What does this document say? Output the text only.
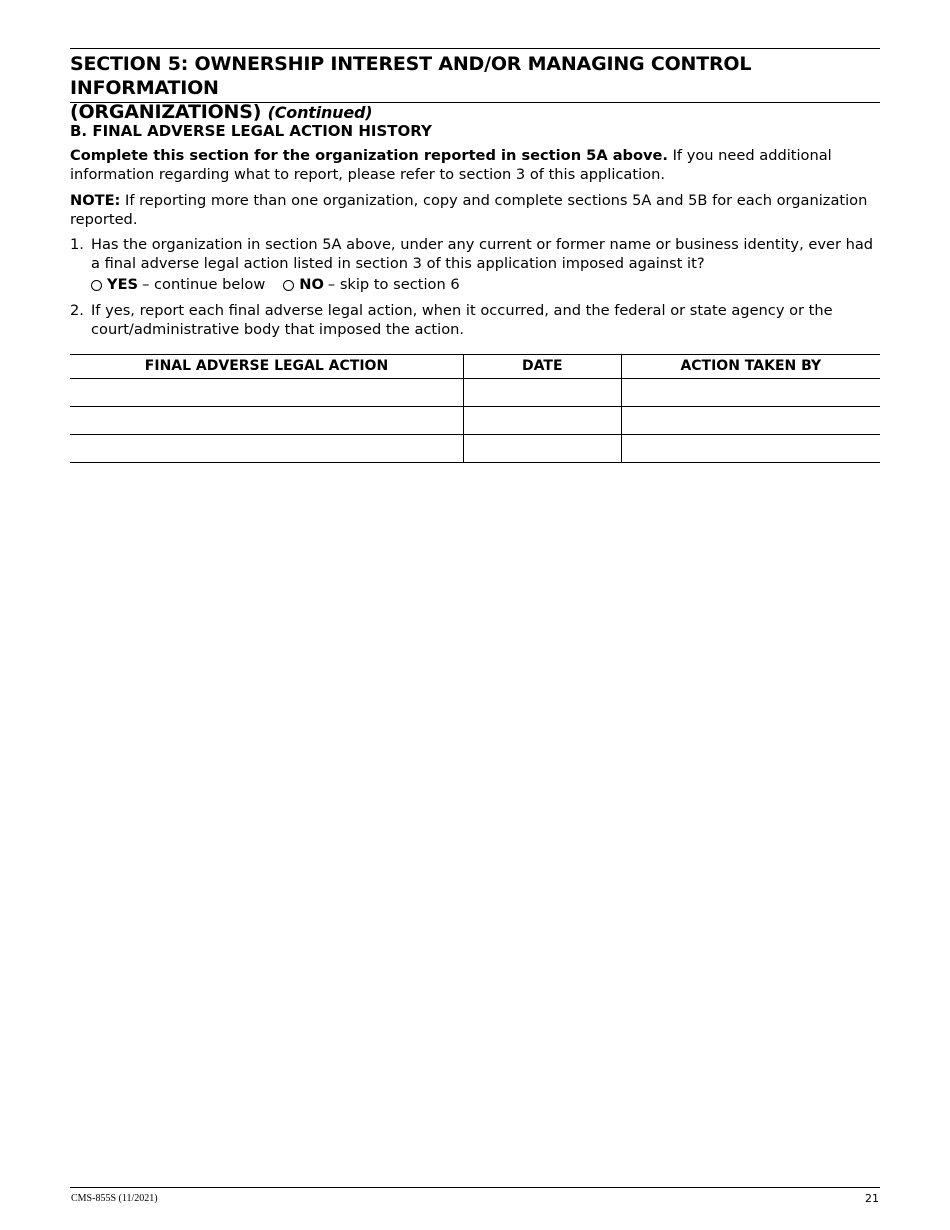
SECTION 5: OWNERSHIP INTEREST AND/OR MANAGING CONTROL INFORMATION
(ORGANIZATIONS) (Continued)
B. FINAL ADVERSE LEGAL ACTION HISTORY
Complete this section for the organization reported in section 5A above. If you need additional information regarding what to report, please refer to section 3 of this application.
NOTE: If reporting more than one organization, copy and complete sections 5A and 5B for each organization reported.
1. Has the organization in section 5A above, under any current or former name or business identity, ever had a final adverse legal action listed in section 3 of this application imposed against it?
YES – continue below NO – skip to section 6
2. If yes, report each final adverse legal action, when it occurred, and the federal or state agency or the court/administrative body that imposed the action.
FINAL ADVERSE LEGAL ACTION	DATE	ACTION TAKEN BY

CMS-855S (11/2021)	21
